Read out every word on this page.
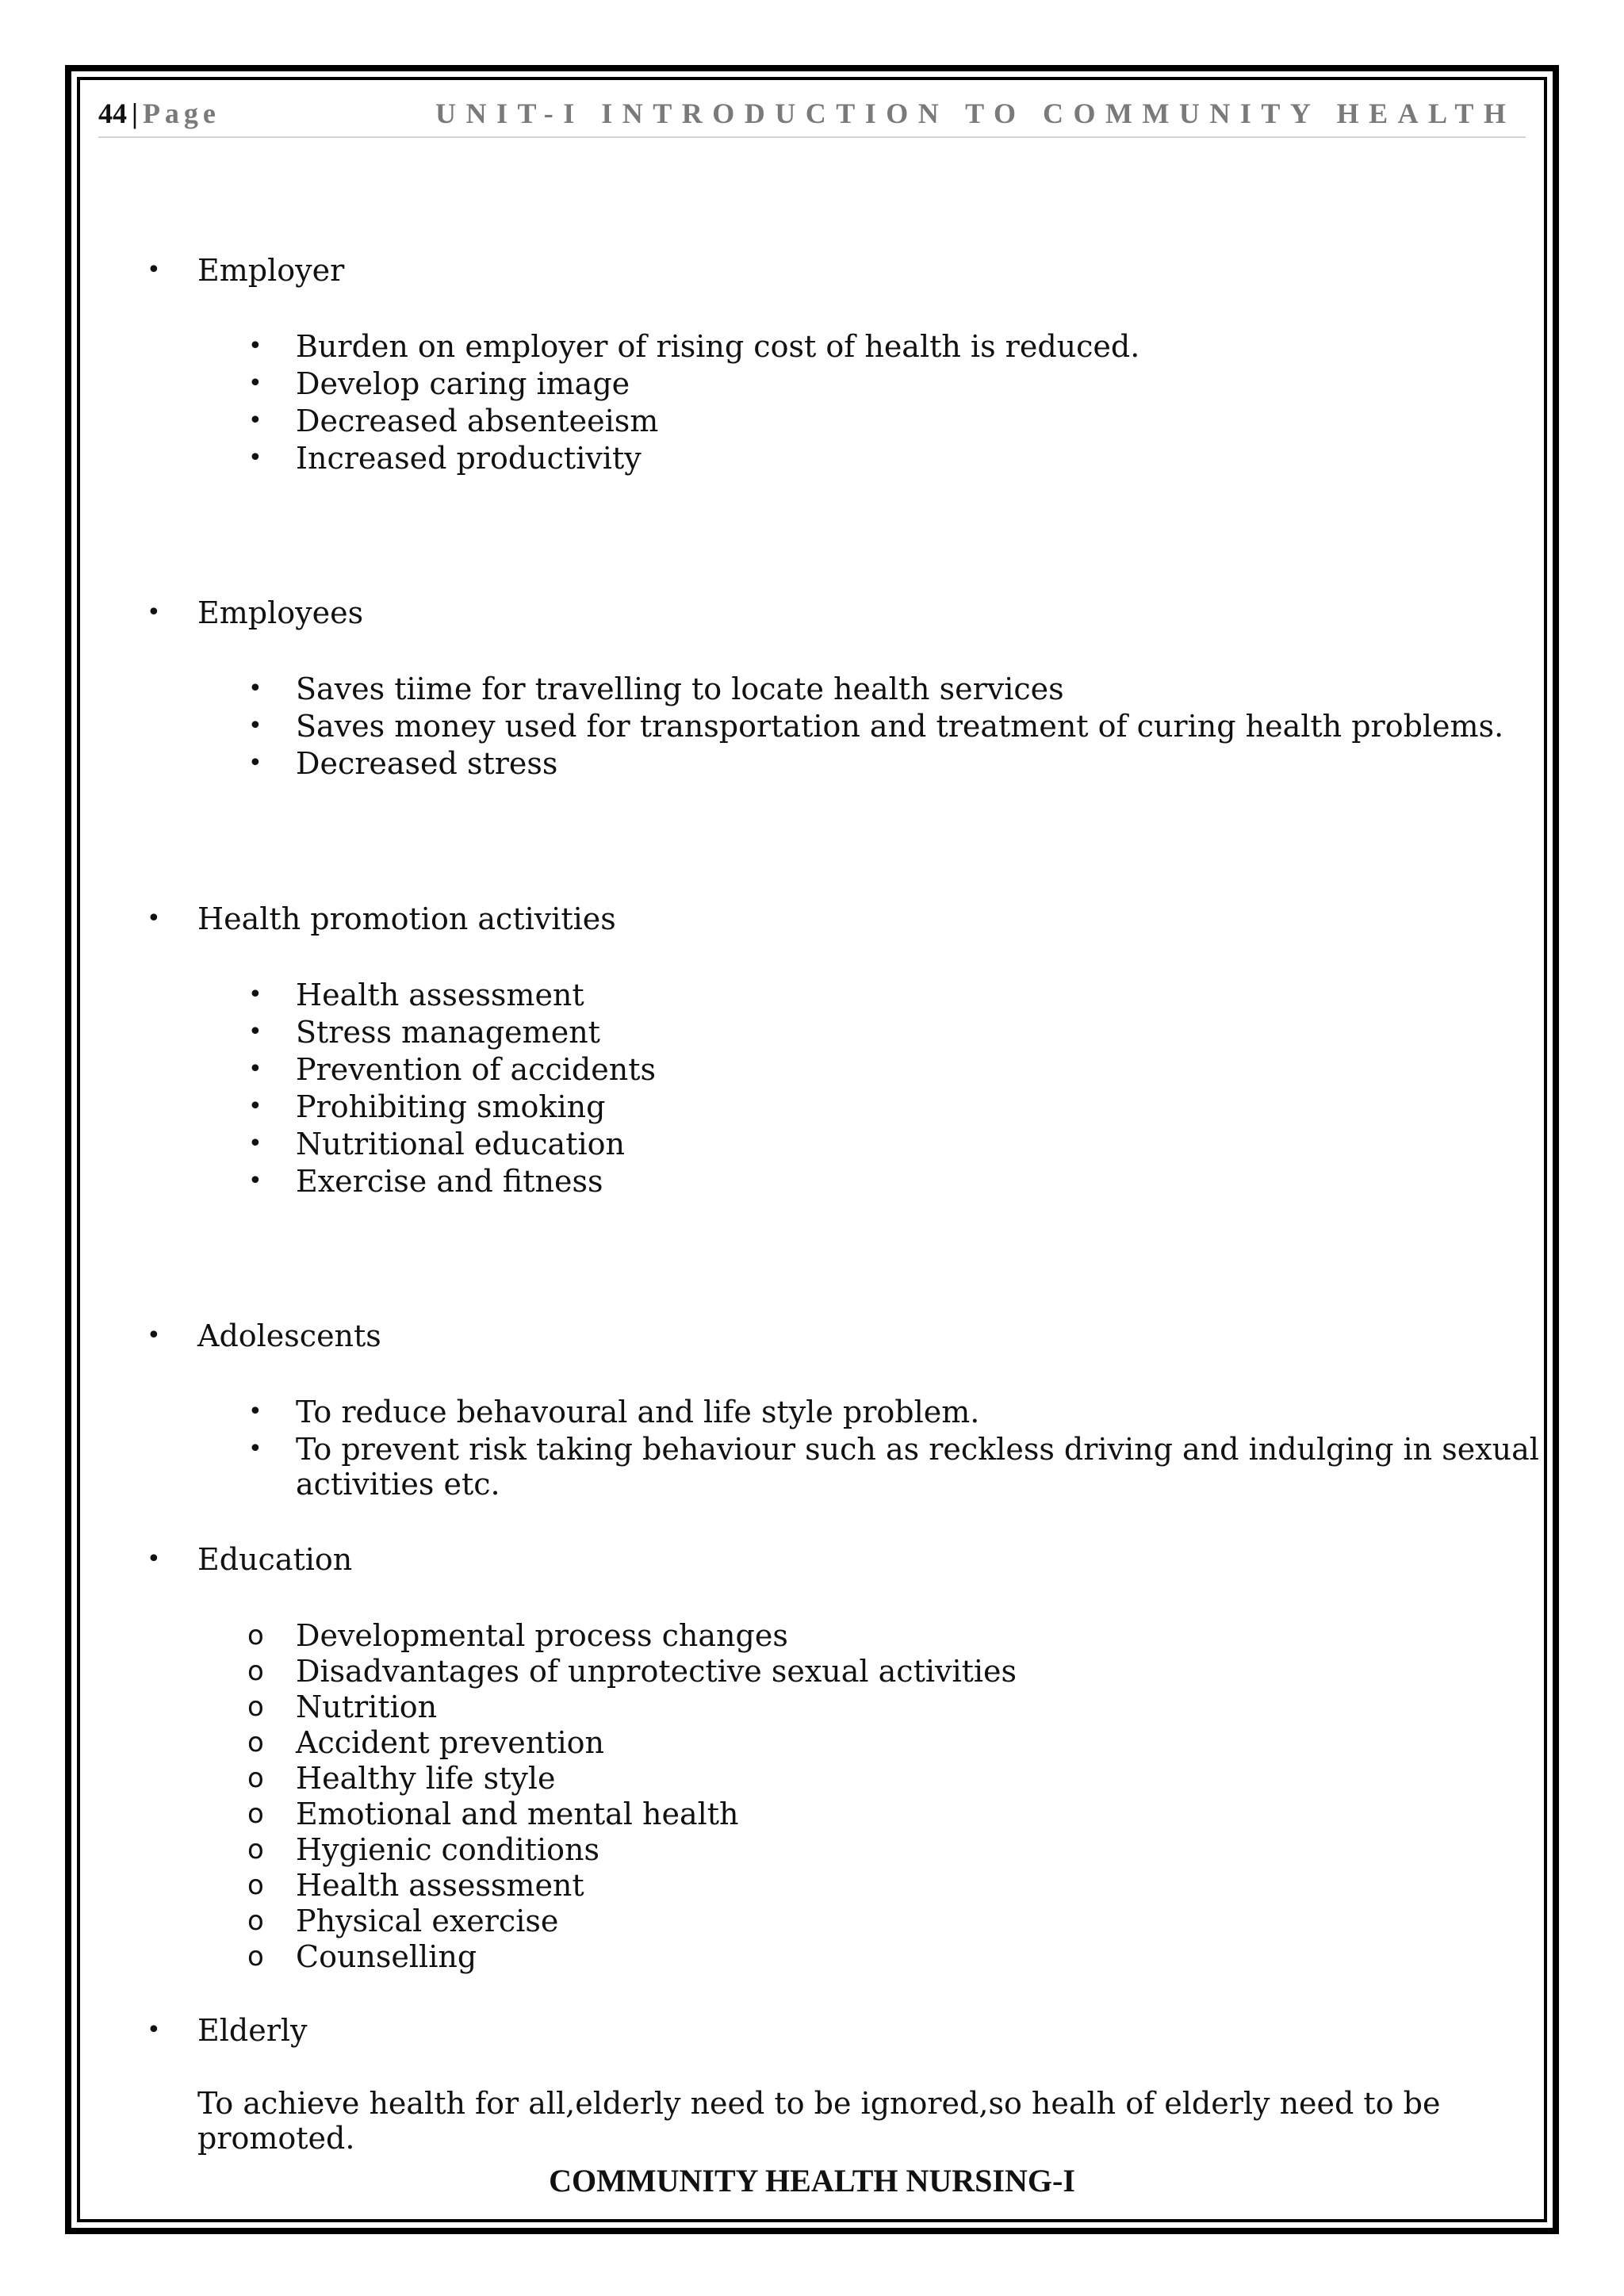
44 | Page	UNIT-I INTRODUCTION TO COMMUNITY HEALTH
• Employer
• Burden on employer of rising cost of health is reduced.
• Develop caring image
• Decreased absenteeism
• Increased productivity
• Employees
• Saves tiime for travelling to locate health services
• Saves money used for transportation and treatment of curing health problems.
• Decreased stress
• Health promotion activities
• Health assessment
• Stress management
• Prevention of accidents
• Prohibiting smoking
• Nutritional education
• Exercise and fitness
• Adolescents
• To reduce behavoural and life style problem.
• To prevent risk taking behaviour such as reckless driving and indulging in sexual
activities etc.
• Education
o Developmental process changes
o Disadvantages of unprotective sexual activities
o Nutrition
o Accident prevention
o Healthy life style
o Emotional and mental health
o Hygienic conditions
o Health assessment
o Physical exercise
o Counselling
• Elderly
To achieve health for all,elderly need to be ignored,so healh of elderly need to be
promoted.
COMMUNITY HEALTH NURSING-I
